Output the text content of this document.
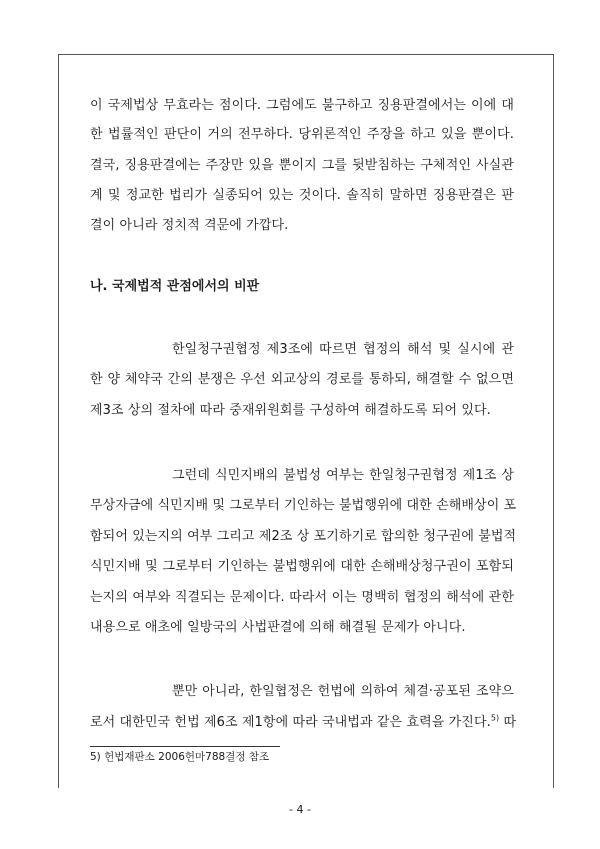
이 국제법상 무효라는 점이다. 그럼에도 불구하고 징용판결에서는 이에 대
한 법률적인 판단이 거의 전무하다. 당위론적인 주장을 하고 있을 뿐이다.
결국, 징용판결에는 주장만 있을 뿐이지 그를 뒷받침하는 구체적인 사실관
계 및 정교한 법리가 실종되어 있는 것이다. 솔직히 말하면 징용판결은 판
결이 아니라 정치적 격문에 가깝다.
나. 국제법적 관점에서의 비판
한일청구권협정 제3조에 따르면 협정의 해석 및 실시에 관
한 양 체약국 간의 분쟁은 우선 외교상의 경로를 통하되, 해결할 수 없으면
제3조 상의 절차에 따라 중재위원회를 구성하여 해결하도록 되어 있다.
그런데 식민지배의 불법성 여부는 한일청구권협정 제1조 상
무상자금에 식민지배 및 그로부터 기인하는 불법행위에 대한 손해배상이 포
함되어 있는지의 여부 그리고 제2조 상 포기하기로 합의한 청구권에 불법적
식민지배 및 그로부터 기인하는 불법행위에 대한 손해배상청구권이 포함되
는지의 여부와 직결되는 문제이다. 따라서 이는 명백히 협정의 해석에 관한
내용으로 애초에 일방국의 사법판결에 의해 해결될 문제가 아니다.
뿐만 아니라, 한일협정은 헌법에 의하여 체결·공포된 조약으
로서 대한민국 헌법 제6조 제1항에 따라 국내법과 같은 효력을 가진다.$^{5)}$ 따
5) 헌법재판소 2006헌마788결정 참조
- 4 -
